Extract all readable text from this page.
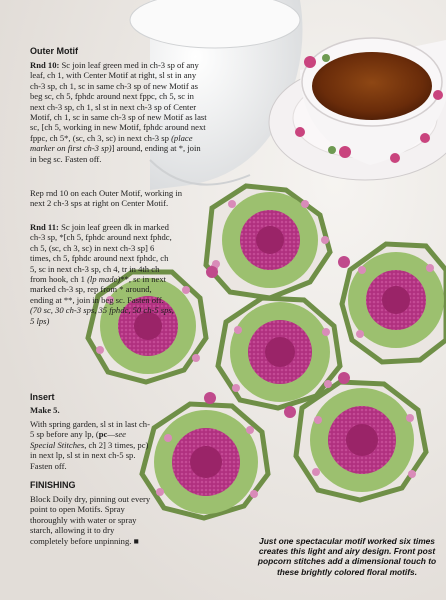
Outer Motif

Rnd 10: Sc join leaf green med in ch-3 sp of any leaf, ch 1, with Center Motif at right, sl st in any ch-3 sp, ch 1, sc in same ch-3 sp of new Motif as beg sc, ch 5, fphdc around next fppc, ch 5, sc in next ch-3 sp, ch 1, sl st in next ch-3 sp of Center Motif, ch 1, sc in same ch-3 sp of new Motif as last sc, [ch 5, working in new Motif, fphdc around next fppc, ch 5*, (sc, ch 3, sc) in next ch-3 sp (place marker on first ch-3 sp)] around, ending at *, join in beg sc. Fasten off.

Rep rnd 10 on each Outer Motif, working in next 2 ch-3 sps at right on Center Motif.

Rnd 11: Sc join leaf green dk in marked ch-3 sp, *[ch 5, fphdc around next fphdc, ch 5, (sc, ch 3, sc) in next ch-3 sp] 6 times, ch 5, fphdc around next fphdc, ch 5, sc in next ch-3 sp, ch 4, tr in 4th ch from hook, ch 1 (lp made)**, sc in next marked ch-3 sp, rep from * around, ending at **, join in beg sc. Fasten off. (70 sc, 30 ch-3 sps, 35 fphdc, 50 ch-5 sps, 5 lps)

Insert
Make 5.

With spring garden, sl st in last ch-5 sp before any lp, (pc—see Special Stitches, ch 2] 3 times, pc) in next lp, sl st in next ch-5 sp. Fasten off.

FINISHING

Block Doily dry, pinning out every point to open Motifs. Spray thoroughly with water or spray starch, allowing it to dry completely before unpinning. ■	Just one spectacular motif worked six times creates this light and airy design. Front post popcorn stitches add a dimensional touch to these brightly colored floral motifs.
